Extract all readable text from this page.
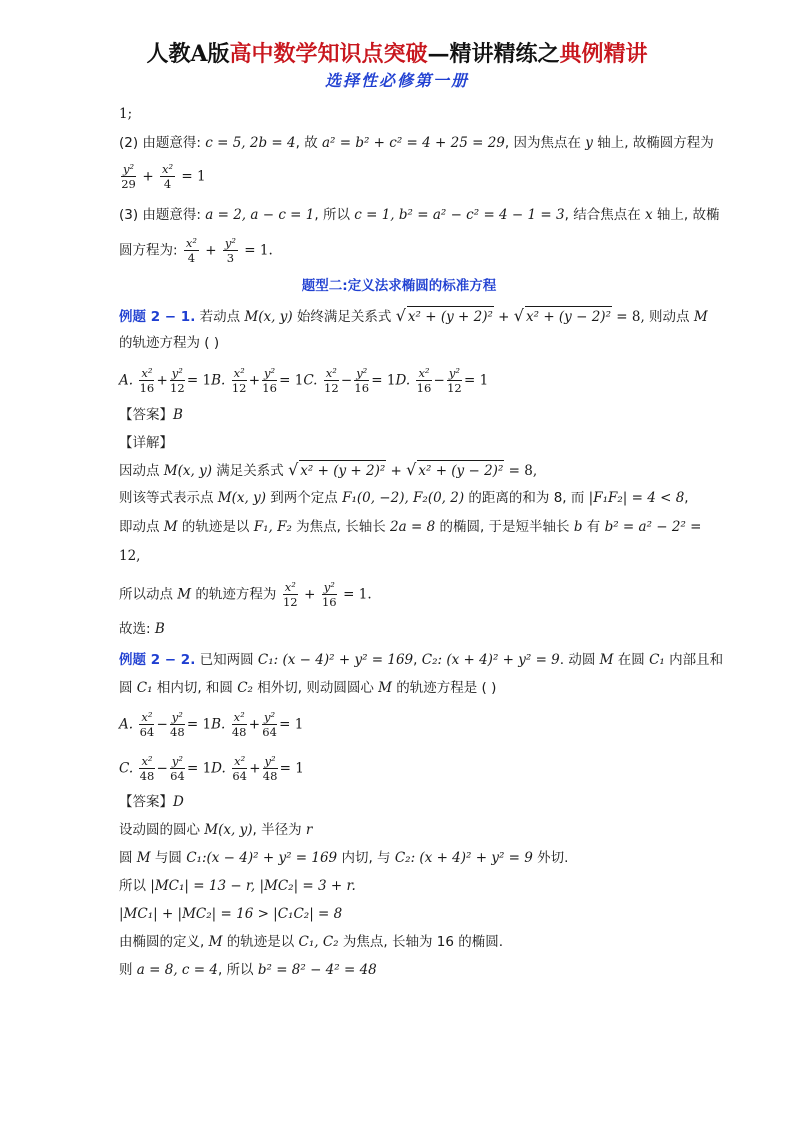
人教A版高中数学知识点突破—精讲精练之典例精讲
选择性必修第一册
1;
(2) 由题意得: c = 5, 2b = 4, 故 a² = b² + c² = 4 + 25 = 29, 因为焦点在 y 轴上, 故椭圆方程为
$\frac{\text{y²}}{29} + \frac{\text{x²}}{4} = 1$
(3) 由题意得: a = 2, a − c = 1, 所以 c = 1, b² = a² − c² = 4 − 1 = 3, 结合焦点在 x 轴上, 故椭
圆方程为: $\frac{\text{x²}}{4} + \frac{\text{y²}}{3} = 1$.
题型二:定义法求椭圆的标准方程
例题 2 − 1. 若动点 M(x, y) 始终满足关系式 √ x² + (y + 2)² + √ x² + (y − 2)² = 8, 则动点 M
的轨迹方程为 ( )
A. $\frac{\text{x²}}{16} + \frac{\text{y²}}{12} = 1B$. $\frac{\text{x²}}{12} + \frac{\text{y²}}{16} = 1C$. $\frac{\text{x²}}{12} - \frac{\text{y²}}{16} = 1D$. $\frac{\text{x²}}{16} - \frac{\text{y²}}{12} = 1$
【答案】B
【详解】
因动点 M(x, y) 满足关系式 √ x² + (y + 2)² + √ x² + (y − 2)² = 8,
则该等式表示点 M(x, y) 到两个定点 F₁(0, −2), F₂(0, 2) 的距离的和为 8, 而 |F₁F₂| = 4 < 8,
即动点 M 的轨迹是以 F₁, F₂ 为焦点, 长轴长 2a = 8 的椭圆, 于是短半轴长 b 有 b² = a² − 2² =
12,
所以动点 M 的轨迹方程为 $\frac{\text{x²}}{12} + \frac{\text{y²}}{16} = 1$.
故选: B
例题 2 − 2. 已知两圆 C₁: (x − 4)² + y² = 169, C₂: (x + 4)² + y² = 9. 动圆 M 在圆 C₁ 内部且和
圆 C₁ 相内切, 和圆 C₂ 相外切, 则动圆圆心 M 的轨迹方程是 ( )
A. $\frac{\text{x²}}{64} - \frac{\text{y²}}{48} = 1B$. $\frac{\text{x²}}{48} + \frac{\text{y²}}{64} = 1$
C. $\frac{\text{x²}}{48} - \frac{\text{y²}}{64} = 1D$. $\frac{\text{x²}}{64} + \frac{\text{y²}}{48} = 1$
【答案】D
设动圆的圆心 M(x, y), 半径为 r
圆 M 与圆 C₁:(x − 4)² + y² = 169 内切, 与 C₂: (x + 4)² + y² = 9 外切.
所以 |MC₁| = 13 − r, |MC₂| = 3 + r.
|MC₁| + |MC₂| = 16 > |C₁C₂| = 8
由椭圆的定义, M 的轨迹是以 C₁, C₂ 为焦点, 长轴为 16 的椭圆.
则 a = 8, c = 4, 所以 b² = 8² − 4² = 48
